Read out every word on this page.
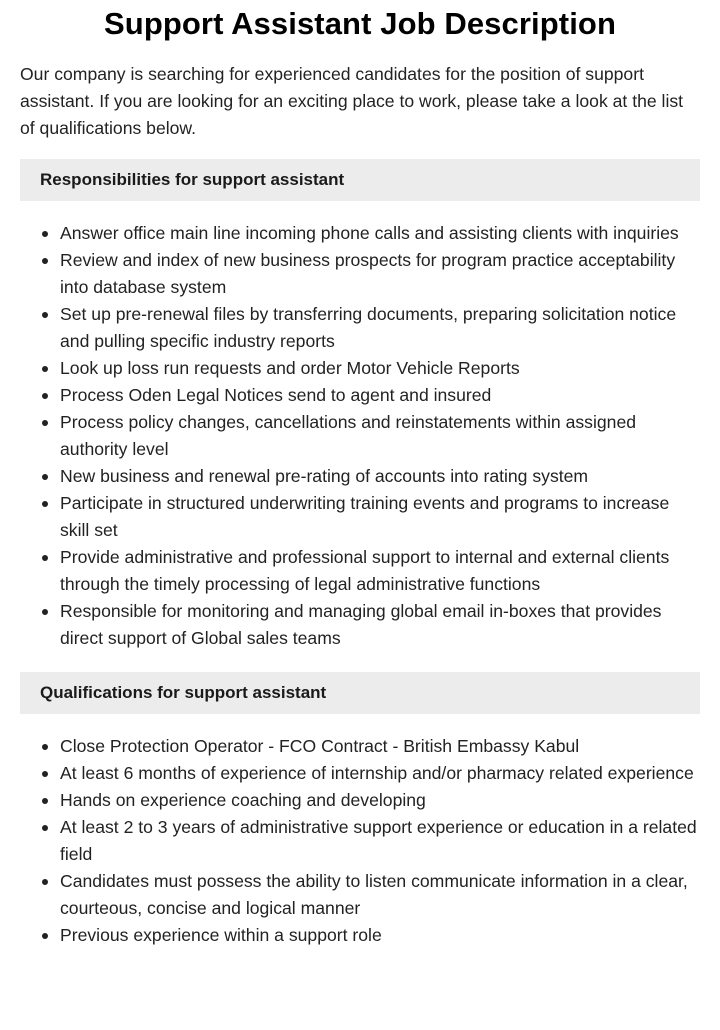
Support Assistant Job Description

Our company is searching for experienced candidates for the position of support assistant. If you are looking for an exciting place to work, please take a look at the list of qualifications below.

Responsibilities for support assistant
Answer office main line incoming phone calls and assisting clients with inquiries
Review and index of new business prospects for program practice acceptability into database system
Set up pre-renewal files by transferring documents, preparing solicitation notice and pulling specific industry reports
Look up loss run requests and order Motor Vehicle Reports
Process Oden Legal Notices send to agent and insured
Process policy changes, cancellations and reinstatements within assigned authority level
New business and renewal pre-rating of accounts into rating system
Participate in structured underwriting training events and programs to increase skill set
Provide administrative and professional support to internal and external clients through the timely processing of legal administrative functions
Responsible for monitoring and managing global email in-boxes that provides direct support of Global sales teams
Qualifications for support assistant
Close Protection Operator - FCO Contract - British Embassy Kabul
At least 6 months of experience of internship and/or pharmacy related experience
Hands on experience coaching and developing
At least 2 to 3 years of administrative support experience or education in a related field
Candidates must possess the ability to listen communicate information in a clear, courteous, concise and logical manner
Previous experience within a support role
